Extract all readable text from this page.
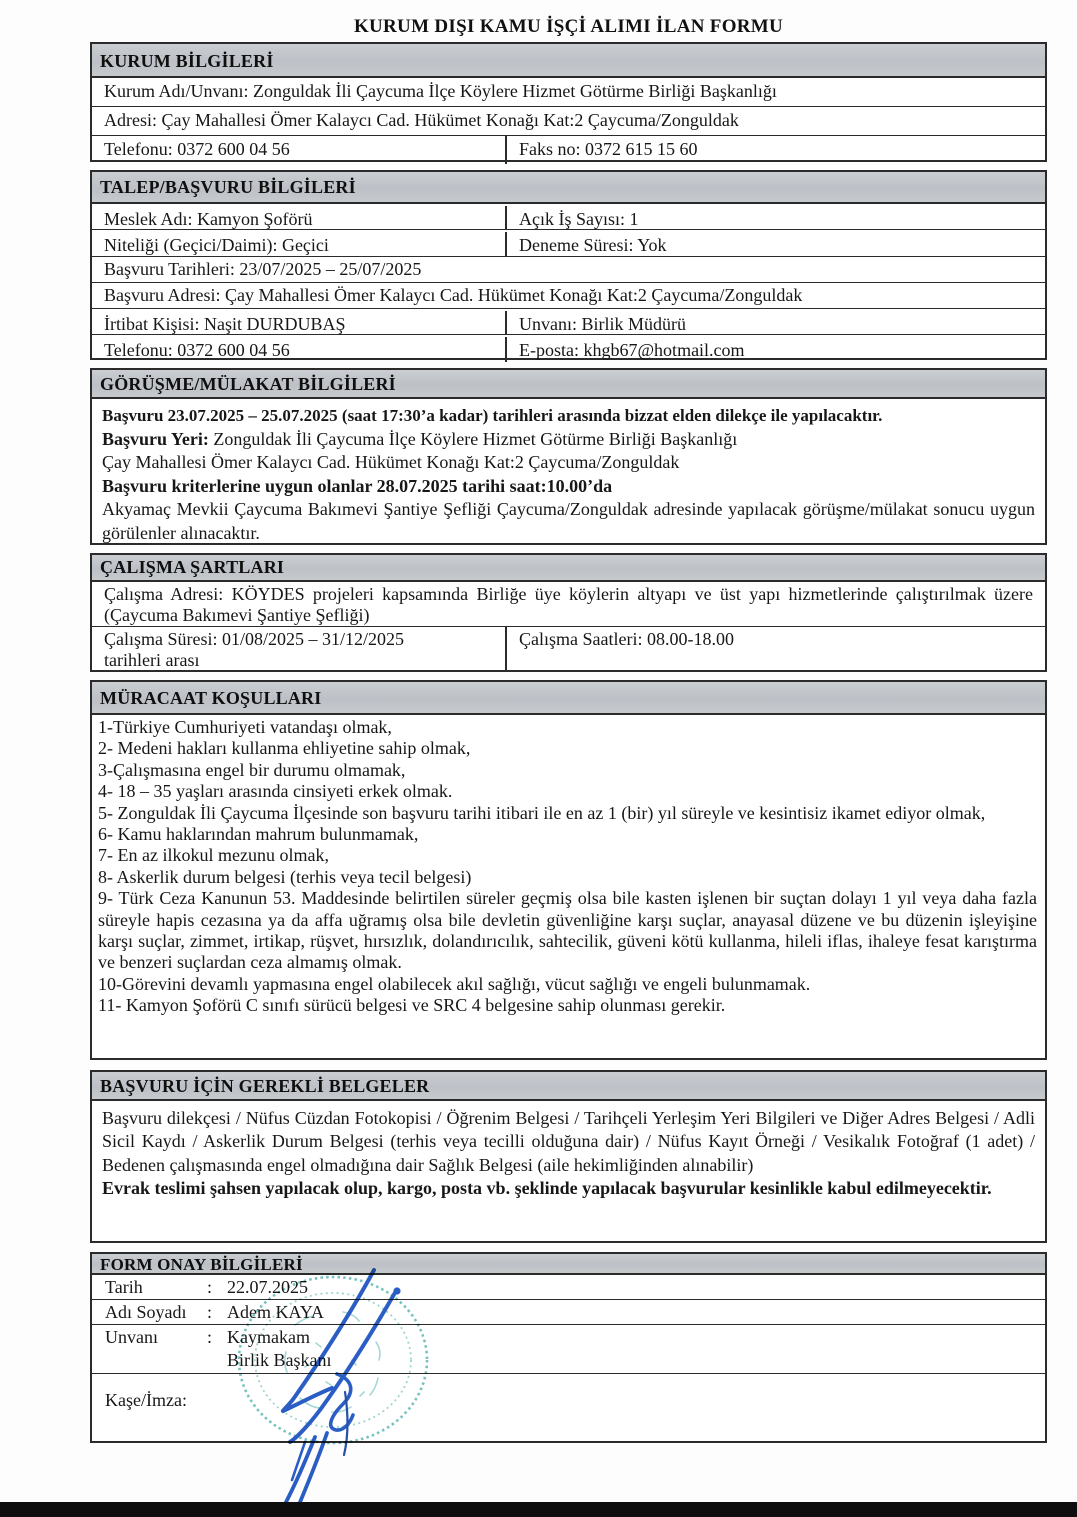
KURUM DIŞI KAMU İŞÇİ ALIMI İLAN FORMU
KURUM BİLGİLERİ
Kurum Adı/Unvanı: Zonguldak İli Çaycuma İlçe Köylere Hizmet Götürme Birliği Başkanlığı
Adresi: Çay Mahallesi Ömer Kalaycı Cad. Hükümet Konağı Kat:2 Çaycuma/Zonguldak
Telefonu: 0372 600 04 56	Faks no: 0372 615 15 60
TALEP/BAŞVURU BİLGİLERİ
Meslek Adı: Kamyon Şoförü	Açık İş Sayısı: 1
Niteliği (Geçici/Daimi): Geçici	Deneme Süresi: Yok
Başvuru Tarihleri: 23/07/2025 – 25/07/2025
Başvuru Adresi: Çay Mahallesi Ömer Kalaycı Cad. Hükümet Konağı Kat:2 Çaycuma/Zonguldak
İrtibat Kişisi: Naşit DURDUBAŞ	Unvanı: Birlik Müdürü
Telefonu: 0372 600 04 56	E-posta: khgb67@hotmail.com
GÖRÜŞME/MÜLAKAT BİLGİLERİ

Başvuru 23.07.2025 – 25.07.2025 (saat 17:30’a kadar) tarihleri arasında bizzat elden dilekçe ile yapılacaktır.

Başvuru Yeri: Zonguldak İli Çaycuma İlçe Köylere Hizmet Götürme Birliği Başkanlığı

Çay Mahallesi Ömer Kalaycı Cad. Hükümet Konağı Kat:2 Çaycuma/Zonguldak

Başvuru kriterlerine uygun olanlar 28.07.2025 tarihi saat:10.00’da

Akyamaç Mevkii Çaycuma Bakımevi Şantiye Şefliği Çaycuma/Zonguldak adresinde yapılacak görüşme/mülakat sonucu uygun görülenler alınacaktır.

ÇALIŞMA ŞARTLARI
Çalışma Adresi: KÖYDES projeleri kapsamında Birliğe üye köylerin altyapı ve üst yapı hizmetlerinde çalıştırılmak üzere (Çaycuma Bakımevi Şantiye Şefliği)
Çalışma Süresi: 01/08/2025 – 31/12/2025
tarihleri arası
Çalışma Saatleri: 08.00-18.00
MÜRACAAT KOŞULLARI

1-Türkiye Cumhuriyeti vatandaşı olmak,

2- Medeni hakları kullanma ehliyetine sahip olmak,

3-Çalışmasına engel bir durumu olmamak,

4- 18 – 35 yaşları arasında cinsiyeti erkek olmak.

5- Zonguldak İli Çaycuma İlçesinde son başvuru tarihi itibari ile en az 1 (bir) yıl süreyle ve kesintisiz ikamet ediyor olmak,

6- Kamu haklarından mahrum bulunmamak,

7- En az ilkokul mezunu olmak,

8- Askerlik durum belgesi (terhis veya tecil belgesi)

9- Türk Ceza Kanunun 53. Maddesinde belirtilen süreler geçmiş olsa bile kasten işlenen bir suçtan dolayı 1 yıl veya daha fazla süreyle hapis cezasına ya da affa uğramış olsa bile devletin güvenliğine karşı suçlar, anayasal düzene ve bu düzenin işleyişine karşı suçlar, zimmet, irtikap, rüşvet, hırsızlık, dolandırıcılık, sahtecilik, güveni kötü kullanma, hileli iflas, ihaleye fesat karıştırma ve benzeri suçlardan ceza almamış olmak.

10-Görevini devamlı yapmasına engel olabilecek akıl sağlığı, vücut sağlığı ve engeli bulunmamak.

11- Kamyon Şoförü C sınıfı sürücü belgesi ve SRC 4 belgesine sahip olunması gerekir.

BAŞVURU İÇİN GEREKLİ BELGELER

Başvuru dilekçesi / Nüfus Cüzdan Fotokopisi / Öğrenim Belgesi / Tarihçeli Yerleşim Yeri Bilgileri ve Diğer Adres Belgesi / Adli Sicil Kaydı / Askerlik Durum Belgesi (terhis veya tecilli olduğuna dair) / Nüfus Kayıt Örneği / Vesikalık Fotoğraf (1 adet) / Bedenen çalışmasında engel olmadığına dair Sağlık Belgesi (aile hekimliğinden alınabilir)

Evrak teslimi şahsen yapılacak olup, kargo, posta vb. şeklinde yapılacak başvurular kesinlikle kabul edilmeyecektir.

FORM ONAY BİLGİLERİ
Tarih	: 22.07.2025
Adı Soyadı : Adem KAYA
Unvanı	: Kaymakam
Birlik Başkanı
Kaşe/İmza:
